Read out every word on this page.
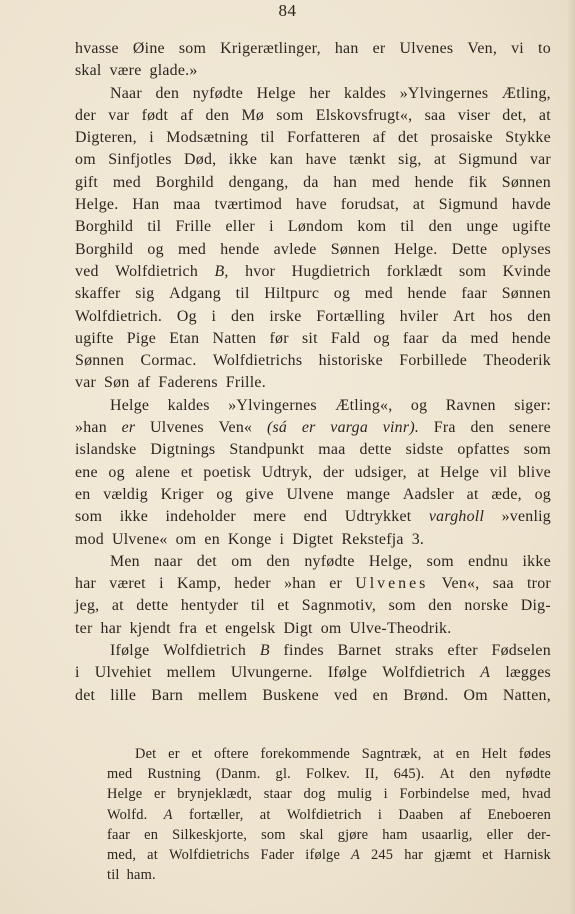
84
hvasse Øine som Krigerætlinger, han er Ulvenes Ven, vi to
skal være glade.»
Naar den nyfødte Helge her kaldes »Ylvingernes Ætling,
der var født af den Mø som Elskovsfrugt«, saa viser det, at
Digteren, i Modsætning til Forfatteren af det prosaiske Stykke
om Sinfjotles Død, ikke kan have tænkt sig, at Sigmund var
gift med Borghild dengang, da han med hende fik Sønnen
Helge. Han maa tværtimod have forudsat, at Sigmund havde
Borghild til Frille eller i Løndom kom til den unge ugifte
Borghild og med hende avlede Sønnen Helge. Dette oplyses
ved Wolfdietrich B, hvor Hugdietrich forklædt som Kvinde
skaffer sig Adgang til Hiltpurc og med hende faar Sønnen
Wolfdietrich. Og i den irske Fortælling hviler Art hos den
ugifte Pige Etan Natten før sit Fald og faar da med hende
Sønnen Cormac. Wolfdietrichs historiske Forbillede Theoderik
var Søn af Faderens Frille.
Helge kaldes »Ylvingernes Ætling«, og Ravnen siger:
»han er Ulvenes Ven« (sá er varga vinr). Fra den senere
islandske Digtnings Standpunkt maa dette sidste opfattes som
ene og alene et poetisk Udtryk, der udsiger, at Helge vil blive
en vældig Kriger og give Ulvene mange Aadsler at æde, og
som ikke indeholder mere end Udtrykket vargholl »venlig
mod Ulvene« om en Konge i Digtet Rekstefja 3.
Men naar det om den nyfødte Helge, som endnu ikke
har været i Kamp, heder »han er Ulvenes Ven«, saa tror
jeg, at dette hentyder til et Sagnmotiv, som den norske Dig-
ter har kjendt fra et engelsk Digt om Ulve-Theodrik.
Ifølge Wolfdietrich B findes Barnet straks efter Fødselen
i Ulvehiet mellem Ulvungerne. Ifølge Wolfdietrich A lægges
det lille Barn mellem Buskene ved en Brønd. Om Natten,
Det er et oftere forekommende Sagntræk, at en Helt fødes
med Rustning (Danm. gl. Folkev. II, 645). At den nyfødte
Helge er brynjeklædt, staar dog mulig i Forbindelse med, hvad
Wolfd. A fortæller, at Wolfdietrich i Daaben af Eneboeren
faar en Silkeskjorte, som skal gjøre ham usaarlig, eller der-
med, at Wolfdietrichs Fader ifølge A 245 har gjæmt et Harnisk
til ham.
